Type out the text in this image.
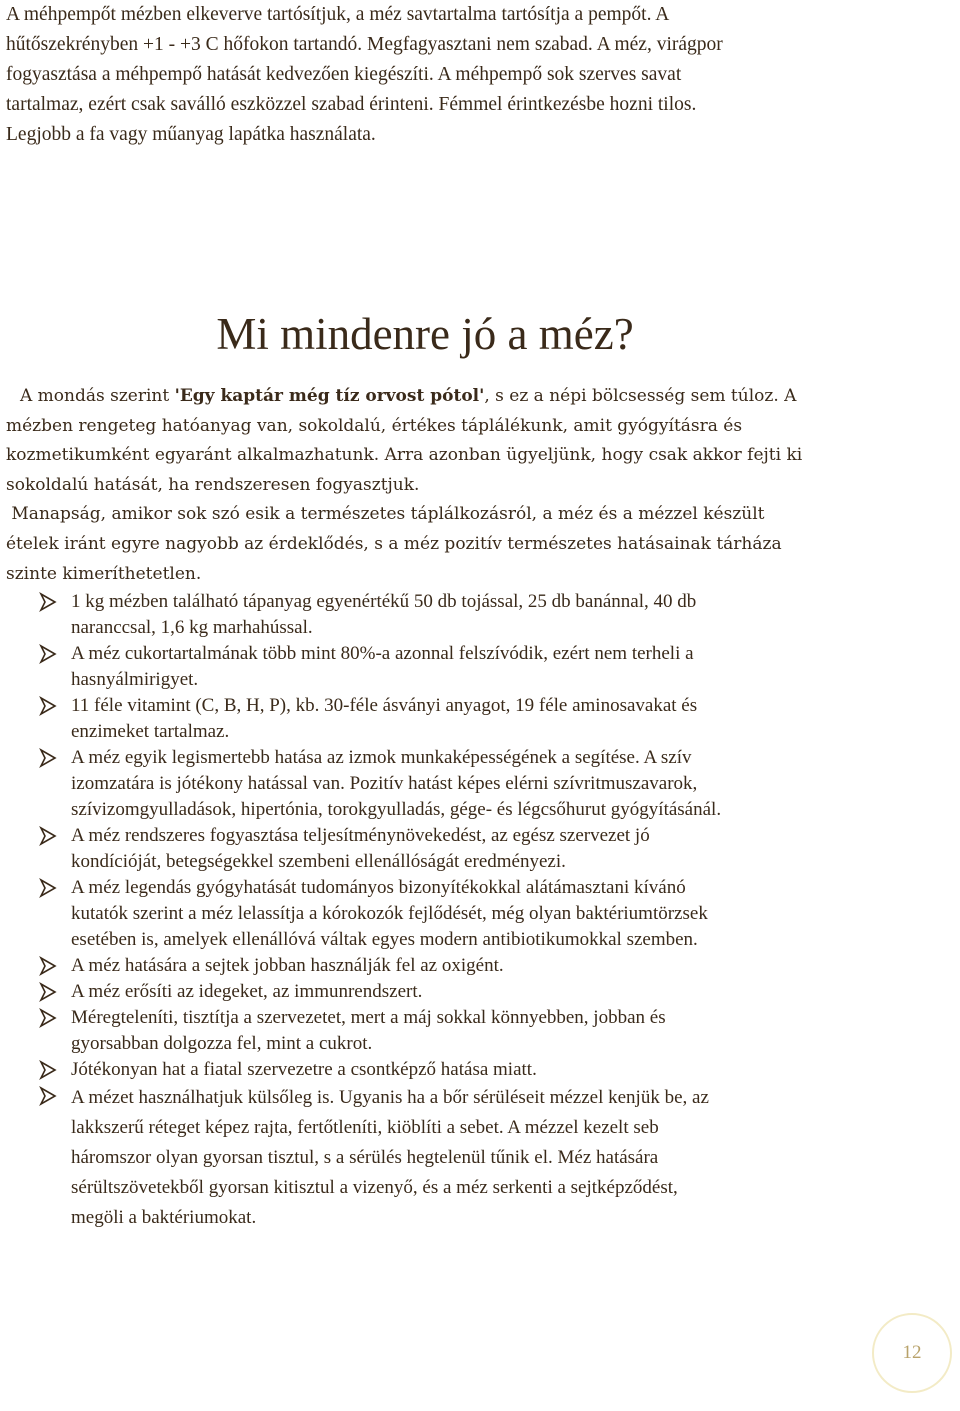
A méhpempőt mézben elkeverve tartósítjuk, a méz savtartalma tartósítja a pempőt. A
hűtőszekrényben +1 - +3 C hőfokon tartandó. Megfagyasztani nem szabad. A méz, virágpor
fogyasztása a méhpempő hatását kedvezően kiegészíti. A méhpempő sok szerves savat
tartalmaz, ezért csak saválló eszközzel szabad érinteni. Fémmel érintkezésbe hozni tilos.
Legjobb a fa vagy műanyag lapátka használata.
Mi mindenre jó a méz?
A mondás szerint 'Egy kaptár még tíz orvost pótol', s ez a népi bölcsesség sem túloz. A
mézben rengeteg hatóanyag van, sokoldalú, értékes táplálékunk, amit gyógyításra és
kozmetikumként egyaránt alkalmazhatunk. Arra azonban ügyeljünk, hogy csak akkor fejti ki
sokoldalú hatását, ha rendszeresen fogyasztjuk.
Manapság, amikor sok szó esik a természetes táplálkozásról, a méz és a mézzel készült
ételek iránt egyre nagyobb az érdeklődés, s a méz pozitív természetes hatásainak tárháza
szinte kimeríthetetlen.
1 kg mézben található tápanyag egyenértékű 50 db tojással, 25 db banánnal, 40 db
naranccsal, 1,6 kg marhahússal.
A méz cukortartalmának több mint 80%-a azonnal felszívódik, ezért nem terheli a
hasnyálmirigyet.
11 féle vitamint (C, B, H, P), kb. 30-féle ásványi anyagot, 19 féle aminosavakat és
enzimeket tartalmaz.
A méz egyik legismertebb hatása az izmok munkaképességének a segítése. A szív
izomzatára is jótékony hatással van. Pozitív hatást képes elérni szívritmuszavarok,
szívizomgyulladások, hipertónia, torokgyulladás, gége- és légcsőhurut gyógyításánál.
A méz rendszeres fogyasztása teljesítménynövekedést, az egész szervezet jó
kondícióját, betegségekkel szembeni ellenállóságát eredményezi.
A méz legendás gyógyhatását tudományos bizonyítékokkal alátámasztani kívánó
kutatók szerint a méz lelassítja a kórokozók fejlődését, még olyan baktériumtörzsek
esetében is, amelyek ellenállóvá váltak egyes modern antibiotikumokkal szemben.
A méz hatására a sejtek jobban használják fel az oxigént.
A méz erősíti az idegeket, az immunrendszert.
Méregteleníti, tisztítja a szervezetet, mert a máj sokkal könnyebben, jobban és
gyorsabban dolgozza fel, mint a cukrot.
Jótékonyan hat a fiatal szervezetre a csontképző hatása miatt.
A mézet használhatjuk külsőleg is. Ugyanis ha a bőr sérüléseit mézzel kenjük be, az
lakkszerű réteget képez rajta, fertőtleníti, kiöblíti a sebet. A mézzel kezelt seb
háromszor olyan gyorsan tisztul, s a sérülés hegtelenül tűnik el. Méz hatására
sérültszövetekből gyorsan kitisztul a vizenyő, és a méz serkenti a sejtképződést,
megöli a baktériumokat.
12
